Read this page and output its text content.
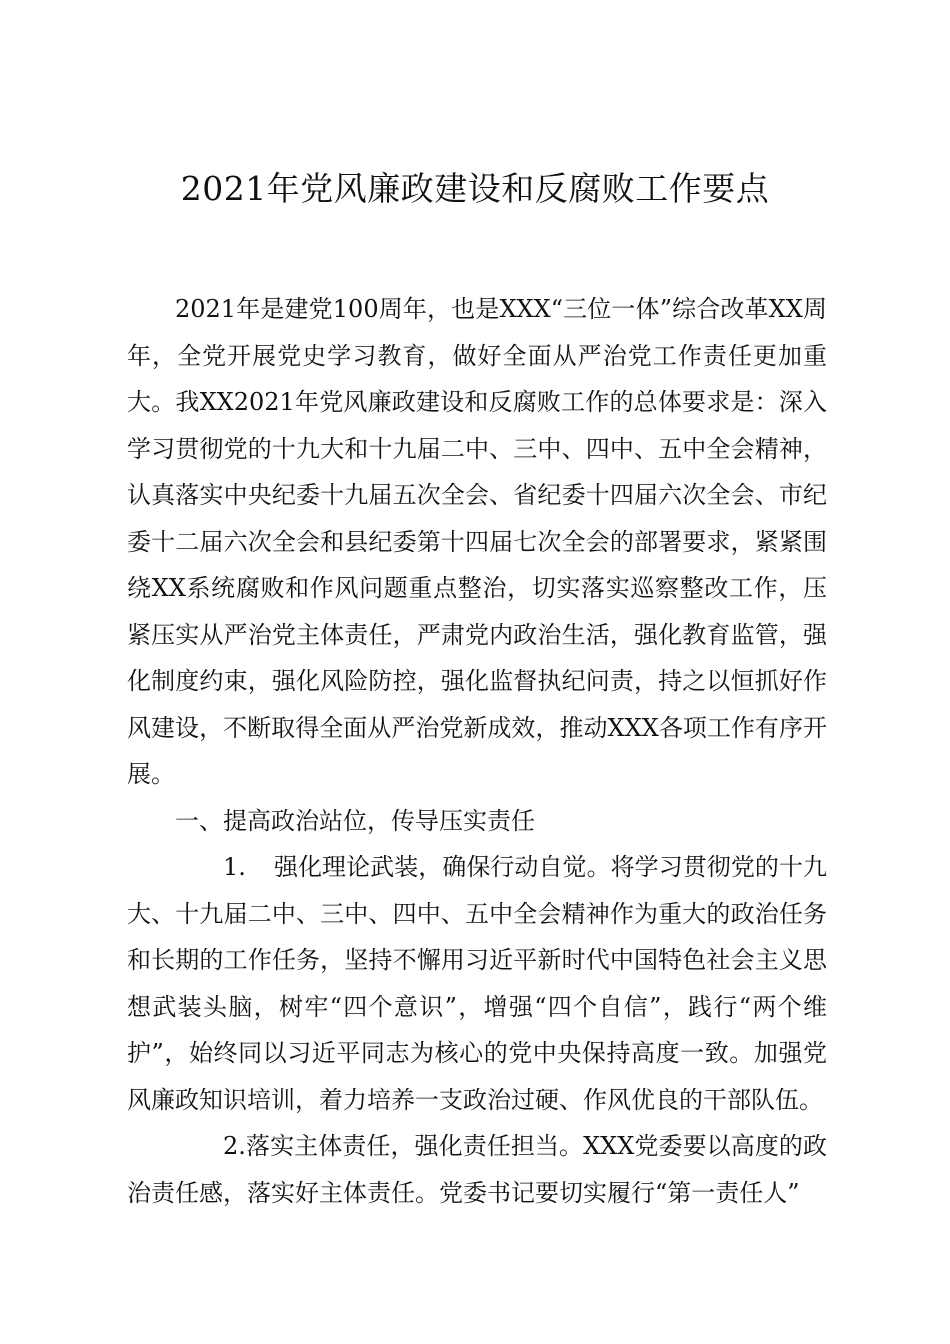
2021年党风廉政建设和反腐败工作要点

2021年是建党100周年，也是XXX“三位一体”综合改革XX周年，全党开展党史学习教育，做好全面从严治党工作责任更加重大。我XX2021年党风廉政建设和反腐败工作的总体要求是：深入学习贯彻党的十九大和十九届二中、三中、四中、五中全会精神，认真落实中央纪委十九届五次全会、省纪委十四届六次全会、市纪委十二届六次全会和县纪委第十四届七次全会的部署要求，紧紧围绕XX系统腐败和作风问题重点整治，切实落实巡察整改工作，压紧压实从严治党主体责任，严肃党内政治生活，强化教育监管，强化制度约束，强化风险防控，强化监督执纪问责，持之以恒抓好作风建设，不断取得全面从严治党新成效，推动XXX各项工作有序开展。

一、提高政治站位，传导压实责任

1. 强化理论武装，确保行动自觉。将学习贯彻党的十九大、十九届二中、三中、四中、五中全会精神作为重大的政治任务和长期的工作任务，坚持不懈用习近平新时代中国特色社会主义思想武装头脑，树牢“四个意识”，增强“四个自信”，践行“两个维护”，始终同以习近平同志为核心的党中央保持高度一致。加强党风廉政知识培训，着力培养一支政治过硬、作风优良的干部队伍。

2.落实主体责任，强化责任担当。XXX党委要以高度的政治责任感，落实好主体责任。党委书记要切实履行“第一责任人”
